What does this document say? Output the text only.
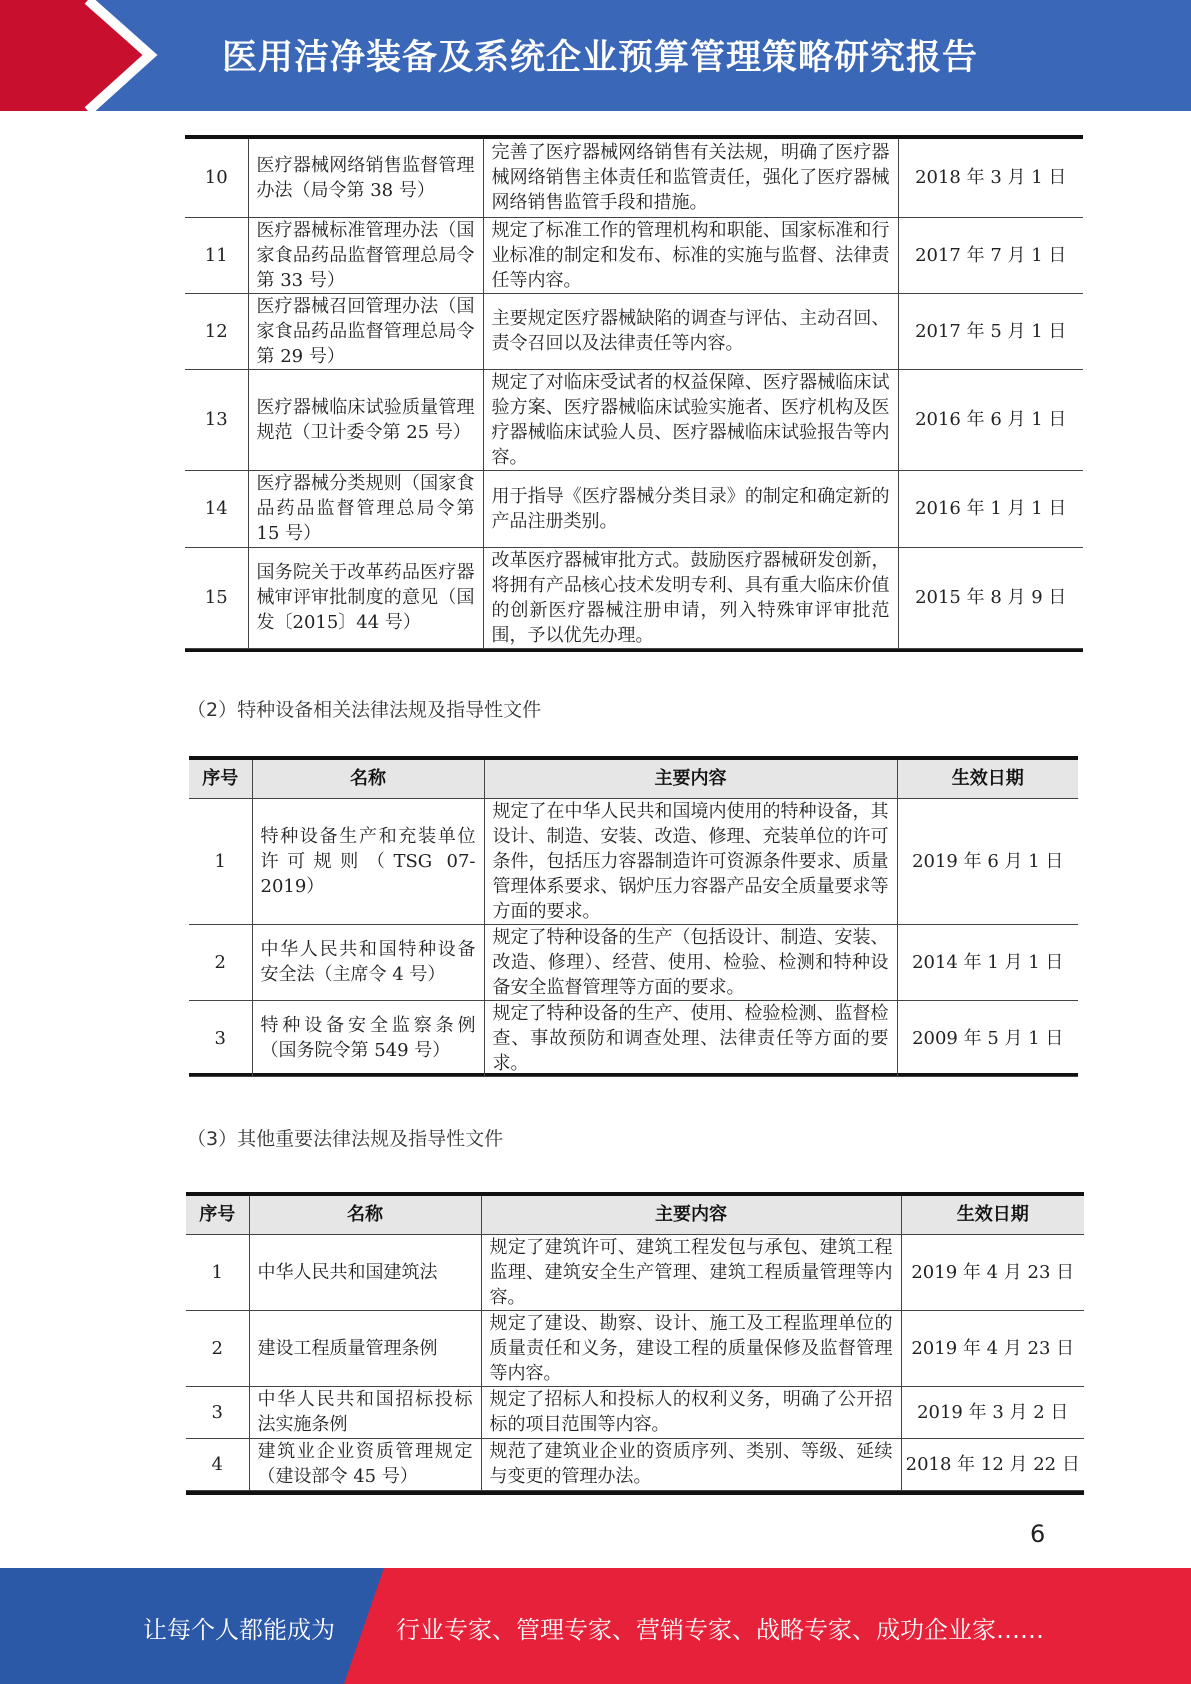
医用洁净装备及系统企业预算管理策略研究报告
10	医疗器械网络销售监督管理办法（局令第 38 号）	完善了医疗器械网络销售有关法规，明确了医疗器械网络销售主体责任和监管责任，强化了医疗器械网络销售监管手段和措施。	2018 年 3 月 1 日
11	医疗器械标准管理办法（国家食品药品监督管理总局令第 33 号）	规定了标准工作的管理机构和职能、国家标准和行业标准的制定和发布、标准的实施与监督、法律责任等内容。	2017 年 7 月 1 日
12	医疗器械召回管理办法（国家食品药品监督管理总局令第 29 号）	主要规定医疗器械缺陷的调查与评估、主动召回、责令召回以及法律责任等内容。	2017 年 5 月 1 日
13	医疗器械临床试验质量管理规范（卫计委令第 25 号）	规定了对临床受试者的权益保障、医疗器械临床试验方案、医疗器械临床试验实施者、医疗机构及医疗器械临床试验人员、医疗器械临床试验报告等内容。	2016 年 6 月 1 日
14	医疗器械分类规则（国家食品药品监督管理总局令第 15 号）	用于指导《医疗器械分类目录》的制定和确定新的产品注册类别。	2016 年 1 月 1 日
15	国务院关于改革药品医疗器械审评审批制度的意见（国发〔2015〕44 号）	改革医疗器械审批方式。鼓励医疗器械研发创新，将拥有产品核心技术发明专利、具有重大临床价值的创新医疗器械注册申请，列入特殊审评审批范围，予以优先办理。	2015 年 8 月 9 日
（2）特种设备相关法律法规及指导性文件
序号	名称	主要内容	生效日期
1	特种设备生产和充装单位许可规则（TSG 07-2019）	规定了在中华人民共和国境内使用的特种设备，其设计、制造、安装、改造、修理、充装单位的许可条件，包括压力容器制造许可资源条件要求、质量管理体系要求、锅炉压力容器产品安全质量要求等方面的要求。	2019 年 6 月 1 日
2	中华人民共和国特种设备安全法（主席令 4 号）	规定了特种设备的生产（包括设计、制造、安装、改造、修理）、经营、使用、检验、检测和特种设备安全监督管理等方面的要求。	2014 年 1 月 1 日
3	特种设备安全监察条例（国务院令第 549 号）	规定了特种设备的生产、使用、检验检测、监督检查、事故预防和调查处理、法律责任等方面的要求。	2009 年 5 月 1 日
（3）其他重要法律法规及指导性文件
序号	名称	主要内容	生效日期
1	中华人民共和国建筑法	规定了建筑许可、建筑工程发包与承包、建筑工程监理、建筑安全生产管理、建筑工程质量管理等内容。	2019 年 4 月 23 日
2	建设工程质量管理条例	规定了建设、勘察、设计、施工及工程监理单位的质量责任和义务，建设工程的质量保修及监督管理等内容。	2019 年 4 月 23 日
3	中华人民共和国招标投标法实施条例	规定了招标人和投标人的权利义务，明确了公开招标的项目范围等内容。	2019 年 3 月 2 日
4	建筑业企业资质管理规定（建设部令 45 号）	规范了建筑业企业的资质序列、类别、等级、延续与变更的管理办法。	2018 年 12 月 22 日
6
让每个人都能成为	行业专家、管理专家、营销专家、战略专家、成功企业家……
